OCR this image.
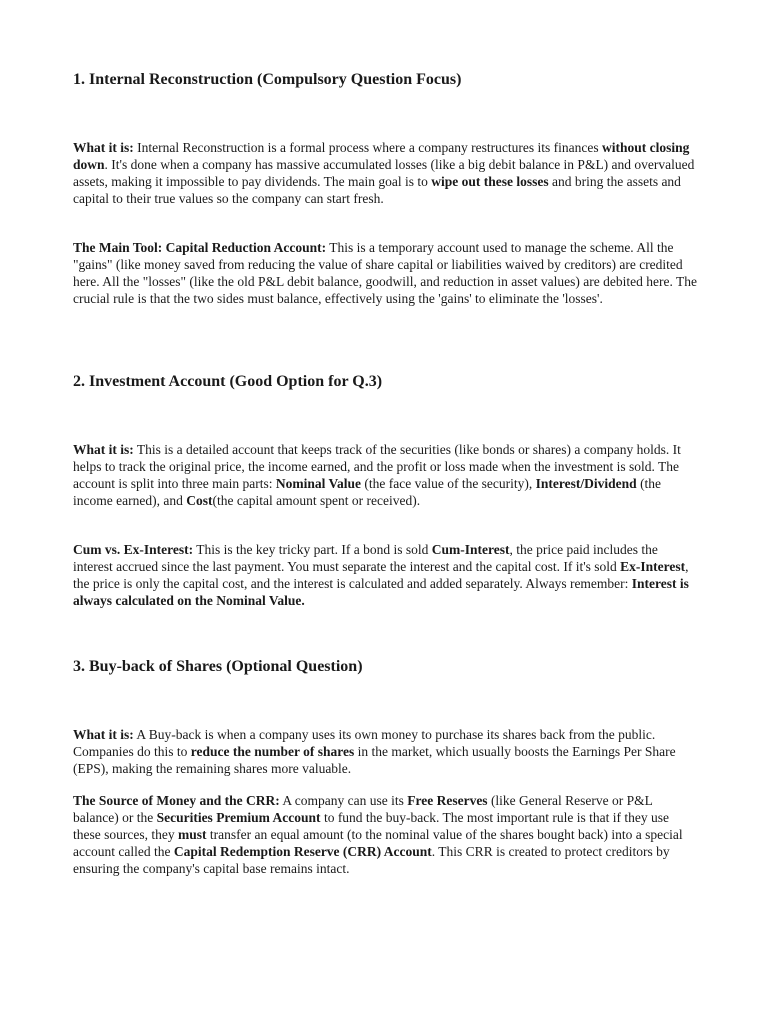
1. Internal Reconstruction (Compulsory Question Focus)

What it is: Internal Reconstruction is a formal process where a company restructures its finances without closing down. It's done when a company has massive accumulated losses (like a big debit balance in P&L) and overvalued assets, making it impossible to pay dividends. The main goal is to wipe out these losses and bring the assets and capital to their true values so the company can start fresh.

The Main Tool: Capital Reduction Account: This is a temporary account used to manage the scheme. All the "gains" (like money saved from reducing the value of share capital or liabilities waived by creditors) are credited here. All the "losses" (like the old P&L debit balance, goodwill, and reduction in asset values) are debited here. The crucial rule is that the two sides must balance, effectively using the 'gains' to eliminate the 'losses'.

2. Investment Account (Good Option for Q.3)

What it is: This is a detailed account that keeps track of the securities (like bonds or shares) a company holds. It helps to track the original price, the income earned, and the profit or loss made when the investment is sold. The account is split into three main parts: Nominal Value (the face value of the security), Interest/Dividend (the income earned), and Cost(the capital amount spent or received).

Cum vs. Ex-Interest: This is the key tricky part. If a bond is sold Cum-Interest, the price paid includes the interest accrued since the last payment. You must separate the interest and the capital cost. If it's sold Ex-Interest, the price is only the capital cost, and the interest is calculated and added separately. Always remember: Interest is always calculated on the Nominal Value.

3. Buy-back of Shares (Optional Question)

What it is: A Buy-back is when a company uses its own money to purchase its shares back from the public. Companies do this to reduce the number of shares in the market, which usually boosts the Earnings Per Share (EPS), making the remaining shares more valuable.

The Source of Money and the CRR: A company can use its Free Reserves (like General Reserve or P&L balance) or the Securities Premium Account to fund the buy-back. The most important rule is that if they use these sources, they must transfer an equal amount (to the nominal value of the shares bought back) into a special account called the Capital Redemption Reserve (CRR) Account. This CRR is created to protect creditors by ensuring the company's capital base remains intact.
